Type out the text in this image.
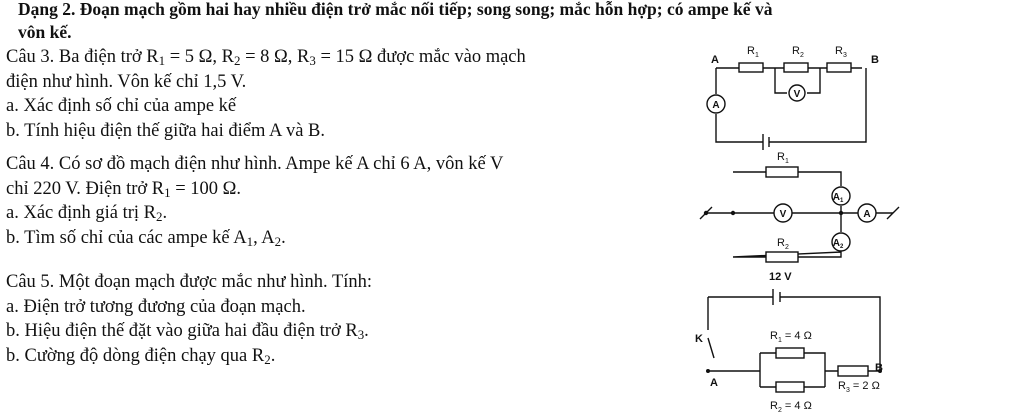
Dạng 2. Đoạn mạch gồm hai hay nhiều điện trở mắc nối tiếp; song song; mắc hỗn hợp; có ampe kế và
vôn kế.

Câu 3. Ba điện trở $R_1 = 5$ Ω, $R_2 = 8$ Ω, $R_3 = 15$ Ω được mắc vào mạch

điện như hình. Vôn kế chỉ 1,5 V.

a. Xác định số chỉ của ampe kế

b. Tính hiệu điện thế giữa hai điểm A và B.

Câu 4. Có sơ đồ mạch điện như hình. Ampe kế A chỉ 6 A, vôn kế V

chỉ 220 V. Điện trở $R_1 = 100$ Ω.

a. Xác định giá trị $R_2$.

b. Tìm số chỉ của các ampe kế $A_1$, $A_2$.

Câu 5. Một đoạn mạch được mắc như hình. Tính:

a. Điện trở tương đương của đoạn mạch.

b. Hiệu điện thế đặt vào giữa hai đầu điện trở $R_3$.

b. Cường độ dòng điện chạy qua $R_2$.

A	B
$R_1$	$R_2$	$R_3$
V
A
$R_1$
$R_2$
V	A
$A_1$
$A_2$
12 V
K
A
B
$R_1 = 4$ Ω
$R_3 = 2$ Ω
$R_2 = 4$ Ω
